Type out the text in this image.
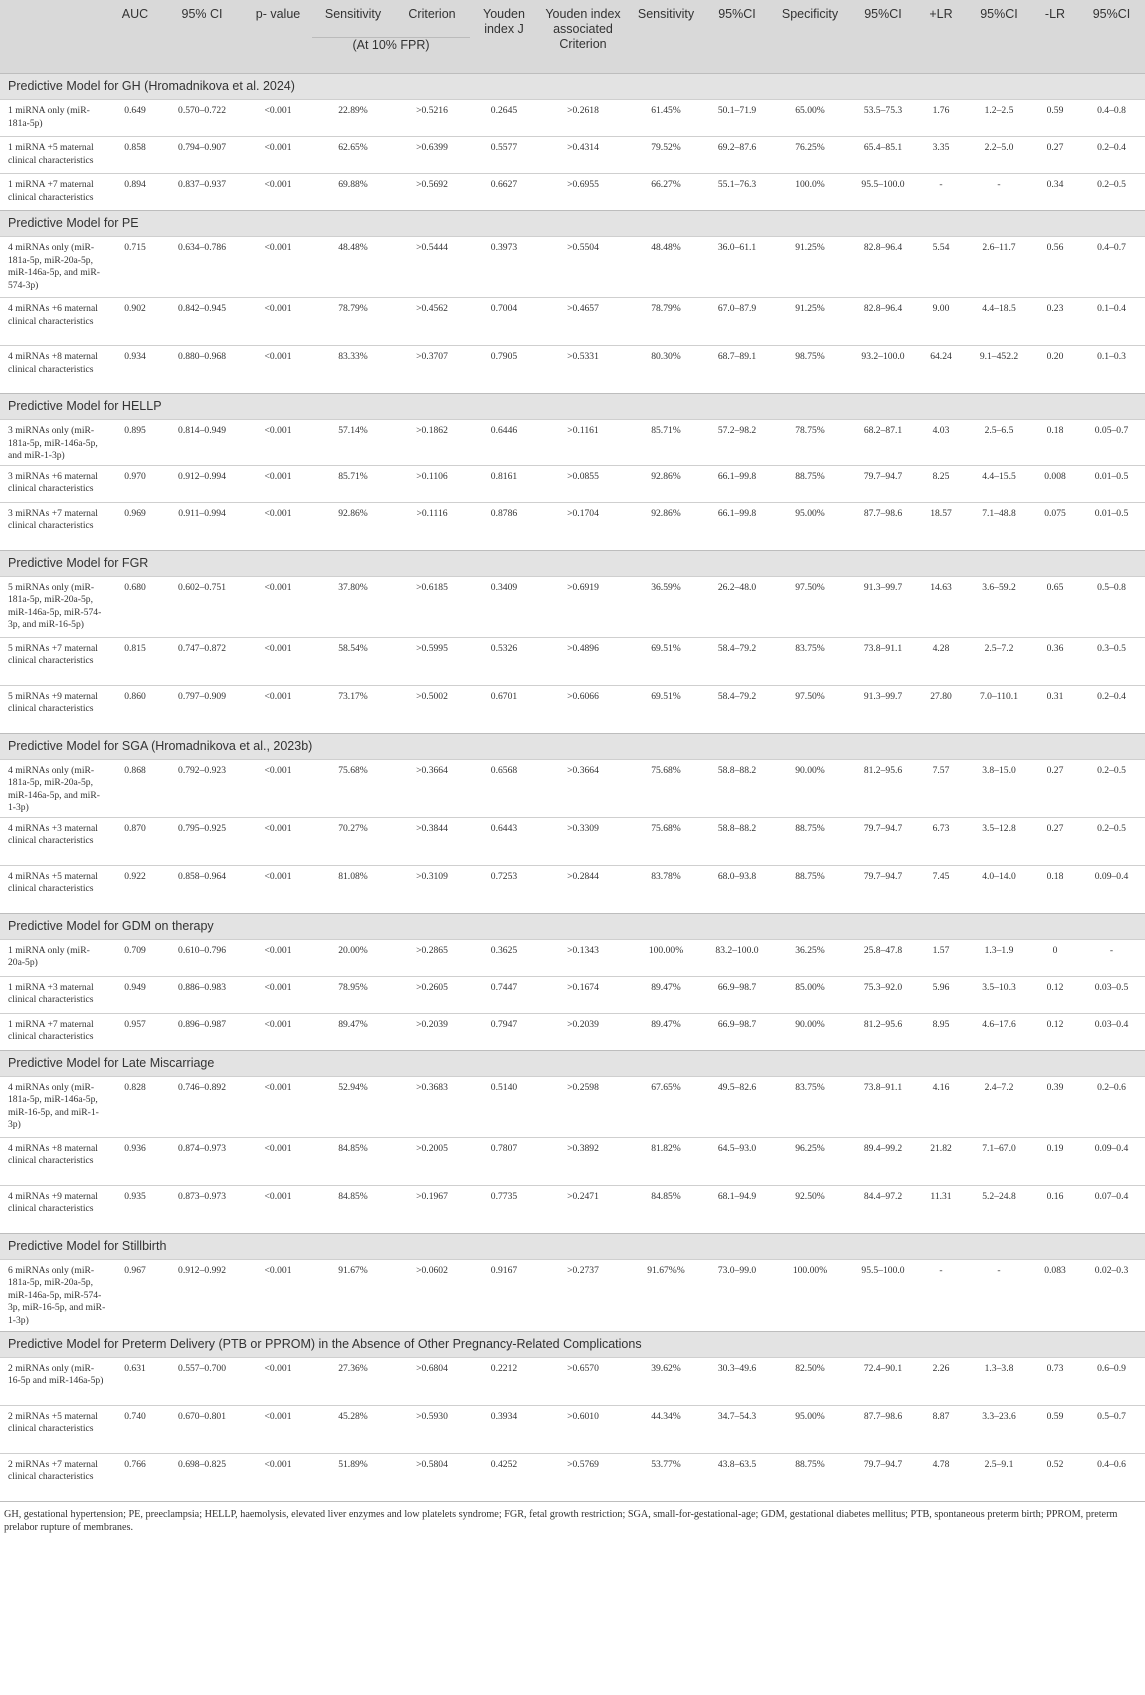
	AUC	95% CI	p- value	Sensitivity	Criterion	Youden index J	Youden index associated Criterion	Sensitivity	95%CI	Specificity	95%CI	+LR	95%CI	-LR	95%CI
				(At 10% FPR)											
Predictive Model for GH (Hromadnikova et al. 2024)															
1 miRNA only (miR-181a-5p)	0.649	0.570–0.722	<0.001	22.89%	>0.5216	0.2645	>0.2618	61.45%	50.1–71.9	65.00%	53.5–75.3	1.76	1.2–2.5	0.59	0.4–0.8
1 miRNA +5 maternal clinical characteristics	0.858	0.794–0.907	<0.001	62.65%	>0.6399	0.5577	>0.4314	79.52%	69.2–87.6	76.25%	65.4–85.1	3.35	2.2–5.0	0.27	0.2–0.4
1 miRNA +7 maternal clinical characteristics	0.894	0.837–0.937	<0.001	69.88%	>0.5692	0.6627	>0.6955	66.27%	55.1–76.3	100.0%	95.5–100.0	-	-	0.34	0.2–0.5
Predictive Model for PE															
4 miRNAs only (miR-181a-5p, miR-20a-5p, miR-146a-5p, and miR-574-3p)	0.715	0.634–0.786	<0.001	48.48%	>0.5444	0.3973	>0.5504	48.48%	36.0–61.1	91.25%	82.8–96.4	5.54	2.6–11.7	0.56	0.4–0.7
4 miRNAs +6 maternal clinical characteristics	0.902	0.842–0.945	<0.001	78.79%	>0.4562	0.7004	>0.4657	78.79%	67.0–87.9	91.25%	82.8–96.4	9.00	4.4–18.5	0.23	0.1–0.4
4 miRNAs +8 maternal clinical characteristics	0.934	0.880–0.968	<0.001	83.33%	>0.3707	0.7905	>0.5331	80.30%	68.7–89.1	98.75%	93.2–100.0	64.24	9.1–452.2	0.20	0.1–0.3
Predictive Model for HELLP															
3 miRNAs only (miR-181a-5p, miR-146a-5p, and miR-1-3p)	0.895	0.814–0.949	<0.001	57.14%	>0.1862	0.6446	>0.1161	85.71%	57.2–98.2	78.75%	68.2–87.1	4.03	2.5–6.5	0.18	0.05–0.7
3 miRNAs +6 maternal clinical characteristics	0.970	0.912–0.994	<0.001	85.71%	>0.1106	0.8161	>0.0855	92.86%	66.1–99.8	88.75%	79.7–94.7	8.25	4.4–15.5	0.008	0.01–0.5
3 miRNAs +7 maternal clinical characteristics	0.969	0.911–0.994	<0.001	92.86%	>0.1116	0.8786	>0.1704	92.86%	66.1–99.8	95.00%	87.7–98.6	18.57	7.1–48.8	0.075	0.01–0.5
Predictive Model for FGR															
5 miRNAs only (miR-181a-5p, miR-20a-5p, miR-146a-5p, miR-574-3p, and miR-16-5p)	0.680	0.602–0.751	<0.001	37.80%	>0.6185	0.3409	>0.6919	36.59%	26.2–48.0	97.50%	91.3–99.7	14.63	3.6–59.2	0.65	0.5–0.8
5 miRNAs +7 maternal clinical characteristics	0.815	0.747–0.872	<0.001	58.54%	>0.5995	0.5326	>0.4896	69.51%	58.4–79.2	83.75%	73.8–91.1	4.28	2.5–7.2	0.36	0.3–0.5
5 miRNAs +9 maternal clinical characteristics	0.860	0.797–0.909	<0.001	73.17%	>0.5002	0.6701	>0.6066	69.51%	58.4–79.2	97.50%	91.3–99.7	27.80	7.0–110.1	0.31	0.2–0.4
Predictive Model for SGA (Hromadnikova et al., 2023b)															
4 miRNAs only (miR-181a-5p, miR-20a-5p, miR-146a-5p, and miR-1-3p)	0.868	0.792–0.923	<0.001	75.68%	>0.3664	0.6568	>0.3664	75.68%	58.8–88.2	90.00%	81.2–95.6	7.57	3.8–15.0	0.27	0.2–0.5
4 miRNAs +3 maternal clinical characteristics	0.870	0.795–0.925	<0.001	70.27%	>0.3844	0.6443	>0.3309	75.68%	58.8–88.2	88.75%	79.7–94.7	6.73	3.5–12.8	0.27	0.2–0.5
4 miRNAs +5 maternal clinical characteristics	0.922	0.858–0.964	<0.001	81.08%	>0.3109	0.7253	>0.2844	83.78%	68.0–93.8	88.75%	79.7–94.7	7.45	4.0–14.0	0.18	0.09–0.4
Predictive Model for GDM on therapy															
1 miRNA only (miR-20a-5p)	0.709	0.610–0.796	<0.001	20.00%	>0.2865	0.3625	>0.1343	100.00%	83.2–100.0	36.25%	25.8–47.8	1.57	1.3–1.9	0	-
1 miRNA +3 maternal clinical characteristics	0.949	0.886–0.983	<0.001	78.95%	>0.2605	0.7447	>0.1674	89.47%	66.9–98.7	85.00%	75.3–92.0	5.96	3.5–10.3	0.12	0.03–0.5
1 miRNA +7 maternal clinical characteristics	0.957	0.896–0.987	<0.001	89.47%	>0.2039	0.7947	>0.2039	89.47%	66.9–98.7	90.00%	81.2–95.6	8.95	4.6–17.6	0.12	0.03–0.4
Predictive Model for Late Miscarriage															
4 miRNAs only (miR-181a-5p, miR-146a-5p, miR-16-5p, and miR-1-3p)	0.828	0.746–0.892	<0.001	52.94%	>0.3683	0.5140	>0.2598	67.65%	49.5–82.6	83.75%	73.8–91.1	4.16	2.4–7.2	0.39	0.2–0.6
4 miRNAs +8 maternal clinical characteristics	0.936	0.874–0.973	<0.001	84.85%	>0.2005	0.7807	>0.3892	81.82%	64.5–93.0	96.25%	89.4–99.2	21.82	7.1–67.0	0.19	0.09–0.4
4 miRNAs +9 maternal clinical characteristics	0.935	0.873–0.973	<0.001	84.85%	>0.1967	0.7735	>0.2471	84.85%	68.1–94.9	92.50%	84.4–97.2	11.31	5.2–24.8	0.16	0.07–0.4
Predictive Model for Stillbirth															
6 miRNAs only (miR-181a-5p, miR-20a-5p, miR-146a-5p, miR-574-3p, miR-16-5p, and miR-1-3p)	0.967	0.912–0.992	<0.001	91.67%	>0.0602	0.9167	>0.2737	91.67%%	73.0–99.0	100.00%	95.5–100.0	-	-	0.083	0.02–0.3
Predictive Model for Preterm Delivery (PTB or PPROM) in the Absence of Other Pregnancy-Related Complications															
2 miRNAs only (miR-16-5p and miR-146a-5p)	0.631	0.557–0.700	<0.001	27.36%	>0.6804	0.2212	>0.6570	39.62%	30.3–49.6	82.50%	72.4–90.1	2.26	1.3–3.8	0.73	0.6–0.9
2 miRNAs +5 maternal clinical characteristics	0.740	0.670–0.801	<0.001	45.28%	>0.5930	0.3934	>0.6010	44.34%	34.7–54.3	95.00%	87.7–98.6	8.87	3.3–23.6	0.59	0.5–0.7
2 miRNAs +7 maternal clinical characteristics	0.766	0.698–0.825	<0.001	51.89%	>0.5804	0.4252	>0.5769	53.77%	43.8–63.5	88.75%	79.7–94.7	4.78	2.5–9.1	0.52	0.4–0.6
GH, gestational hypertension; PE, preeclampsia; HELLP, haemolysis, elevated liver enzymes and low platelets syndrome; FGR, fetal growth restriction; SGA, small-for-gestational-age; GDM, gestational diabetes mellitus; PTB, spontaneous preterm birth; PPROM, preterm prelabor rupture of membranes.
